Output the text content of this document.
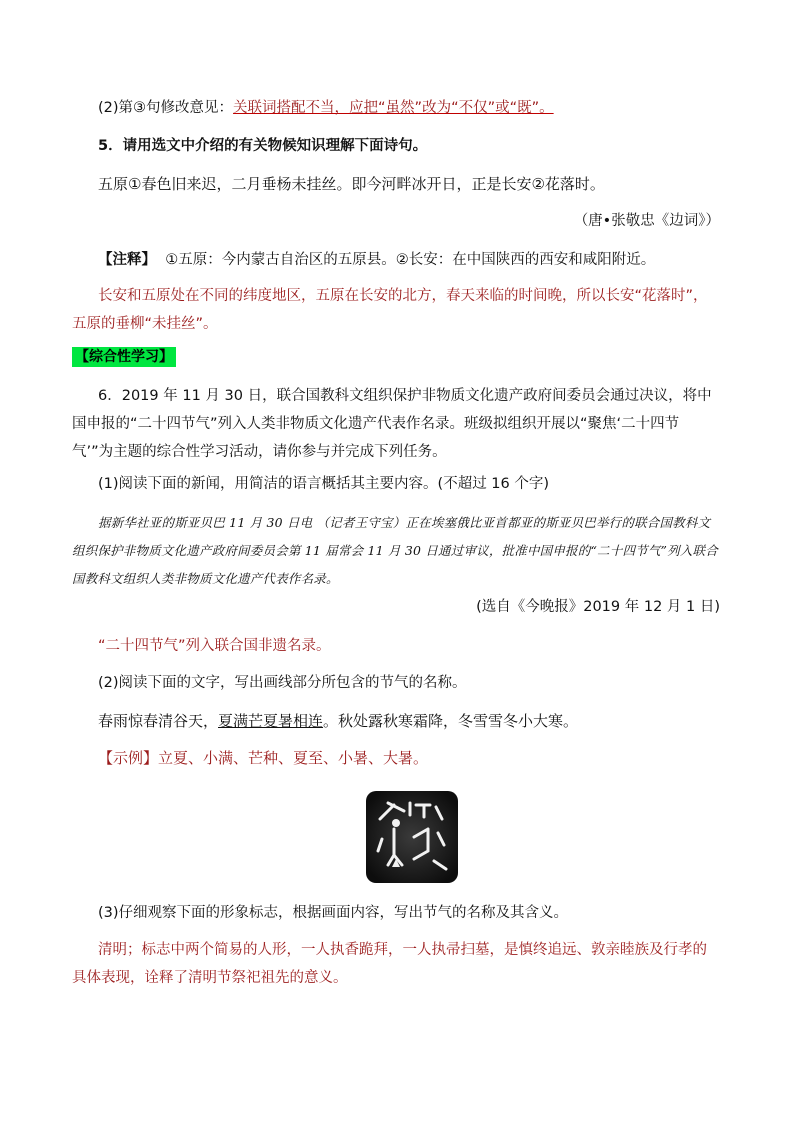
(2)第③句修改意见：关联词搭配不当，应把“虽然”改为“不仅”或“既”。
5．请用选文中介绍的有关物候知识理解下面诗句。
五原①春色旧来迟，二月垂杨未挂丝。即今河畔冰开日，正是长安②花落时。
（唐•张敬忠《边词》）
【注释】 ①五原：今内蒙古自治区的五原县。②长安：在中国陕西的西安和咸阳附近。
长安和五原处在不同的纬度地区，五原在长安的北方，春天来临的时间晚，所以长安“花落时”，五原的垂柳“未挂丝”。
【综合性学习】
6．2019 年 11 月 30 日，联合国教科文组织保护非物质文化遗产政府间委员会通过决议，将中国申报的“二十四节气”列入人类非物质文化遗产代表作名录。班级拟组织开展以“聚焦‘二十四节气’”为主题的综合性学习活动，请你参与并完成下列任务。
(1)阅读下面的新闻，用简洁的语言概括其主要内容。(不超过 16 个字)
据新华社亚的斯亚贝巴 11 月 30 日电 （记者王守宝）正在埃塞俄比亚首都亚的斯亚贝巴举行的联合国教科文组织保护非物质文化遗产政府间委员会第 11 届常会 11 月 30 日通过审议，批准中国申报的“二十四节气”列入联合国教科文组织人类非物质文化遗产代表作名录。
(选自《今晚报》2019 年 12 月 1 日)
“二十四节气”列入联合国非遗名录。
(2)阅读下面的文字，写出画线部分所包含的节气的名称。
春雨惊春清谷天，夏满芒夏暑相连。秋处露秋寒霜降，冬雪雪冬小大寒。
【示例】立夏、小满、芒种、夏至、小暑、大暑。
(3)仔细观察下面的形象标志，根据画面内容，写出节气的名称及其含义。
清明；标志中两个简易的人形，一人执香跪拜，一人执帚扫墓，是慎终追远、敦亲睦族及行孝的具体表现，诠释了清明节祭祀祖先的意义。
